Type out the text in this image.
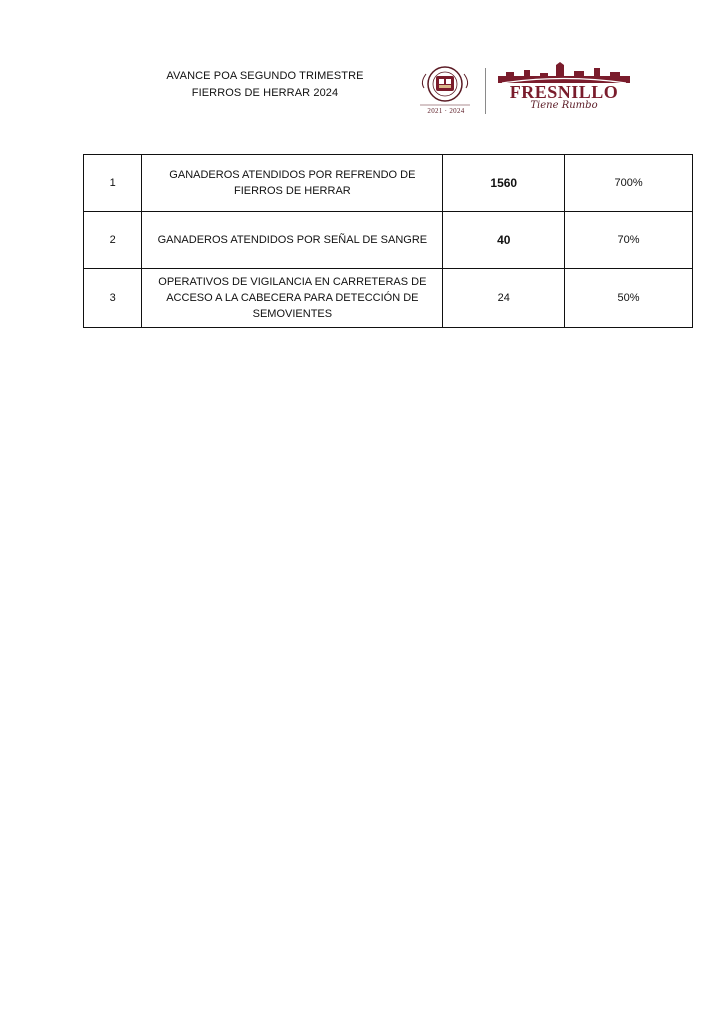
AVANCE POA SEGUNDO TRIMESTRE
FIERROS DE HERRAR 2024
2021 · 2024
FRESNILLO
Tiene Rumbo
1	GANADEROS ATENDIDOS POR REFRENDO DE FIERROS DE HERRAR	1560	700%
2	GANADEROS ATENDIDOS POR SEÑAL DE SANGRE	40	70%
3	OPERATIVOS DE VIGILANCIA EN CARRETERAS DE ACCESO A LA CABECERA PARA DETECCIÓN DE SEMOVIENTES	24	50%
